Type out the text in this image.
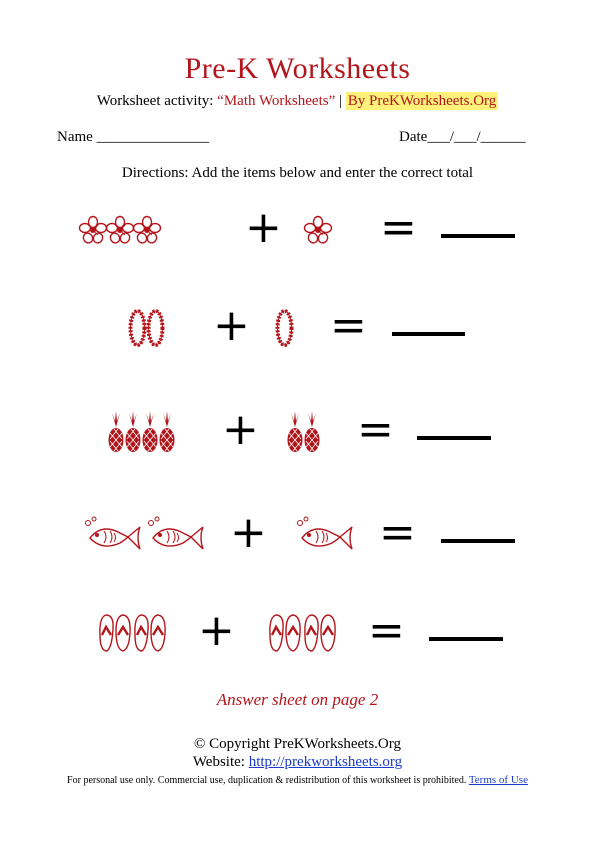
Pre-K Worksheets
Worksheet activity: “Math Worksheets” | By PreKWorksheets.Org
Name _______________	Date___/___/______
Directions: Add the items below and enter the correct total
+ =
+ =
+ =
+	=
+	=
Answer sheet on page 2
© Copyright PreKWorksheets.Org
Website: http://prekworksheets.org
For personal use only. Commercial use, duplication & redistribution of this worksheet is prohibited. Terms of Use
